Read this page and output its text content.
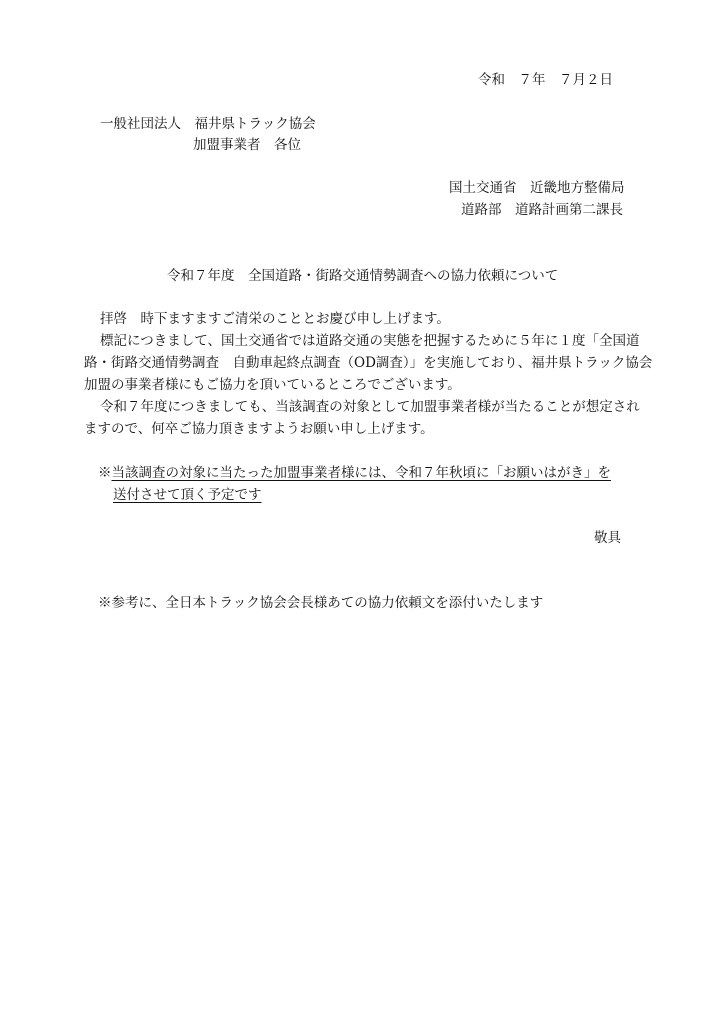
令和　７年　７月２日
一般社団法人　福井県トラック協会
加盟事業者　各位
国土交通省　近畿地方整備局
道路部　道路計画第二課長
令和７年度　全国道路・街路交通情勢調査への協力依頼について
拝啓　時下ますますご清栄のこととお慶び申し上げます。
標記につきまして、国土交通省では道路交通の実態を把握するために５年に１度「全国道
路・街路交通情勢調査　自動車起終点調査（OD調査）」を実施しており、福井県トラック協会
加盟の事業者様にもご協力を頂いているところでございます。
令和７年度につきましても、当該調査の対象として加盟事業者様が当たることが想定され
ますので、何卒ご協力頂きますようお願い申し上げます。
※当該調査の対象に当たった加盟事業者様には、令和７年秋頃に「お願いはがき」を
送付させて頂く予定です
敬具
※参考に、全日本トラック協会会長様あての協力依頼文を添付いたします
